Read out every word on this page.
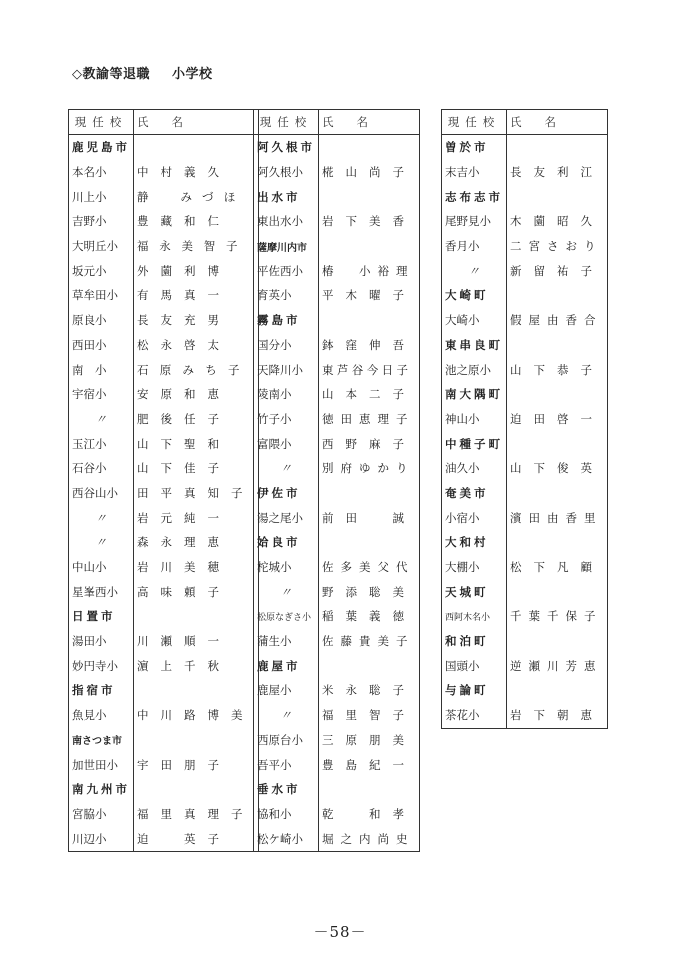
◇教諭等退職 小学校
現任校	氏　　名
鹿児島市	
本名小	中村義久
川上小	静　みづほ
吉野小	豊藏和仁
大明丘小	福永美智子
坂元小	外薗利博
草牟田小	有馬真一
原良小	長友充男
西田小	松永啓太
南　小	石原みち子
宇宿小	安原和恵
〃	肥後任子
玉江小	山下聖和
石谷小	山下佳子
西谷山小	田平真知子
〃	岩元純一
〃	森永理恵
中山小	岩川美穂
星峯西小	高味頼子
日置市	
湯田小	川瀬順一
妙円寺小	濵上千秋
指宿市	
魚見小	中川路博美
南さつま市	
加世田小	宇田朋子
南九州市	
宮脇小	福里真理子
川辺小	迫　英子
現任校	氏　　名
阿久根市	
阿久根小	椛山尚子
出水市	
東出水小	岩下美香
薩摩川内市	
平佐西小	椿　小裕理
育英小	平木曜子
霧島市	
国分小	鉢窪伸吾
天降川小	東芦谷今日子
陵南小	山本二子
竹子小	徳田恵理子
富隈小	西野麻子
〃	別府ゆかり
伊佐市	
湯之尾小	前田　誠
姶良市	
柁城小	佐多美父代
〃	野添聡美
松原なぎさ小	稲葉義徳
蒲生小	佐藤貴美子
鹿屋市	
鹿屋小	米永聡子
〃	福里智子
西原台小	三原朋美
吾平小	豊島紀一
垂水市	
協和小	乾　和孝
松ケ崎小	堀之内尚史
現任校	氏　　名
曽於市	
末吉小	長友利江
志布志市	
尾野見小	木薗昭久
香月小	二宮さおり
〃	新留祐子
大崎町	
大崎小	假屋由香合
東串良町	
池之原小	山下恭子
南大隅町	
神山小	迫田啓一
中種子町	
油久小	山下俊英
奄美市	
小宿小	濱田由香里
大和村	
大棚小	松下凡顧
天城町	
西阿木名小	千葉千保子
和泊町	
国頭小	逆瀬川芳恵
与論町	
茶花小	岩下朝恵
－58－
